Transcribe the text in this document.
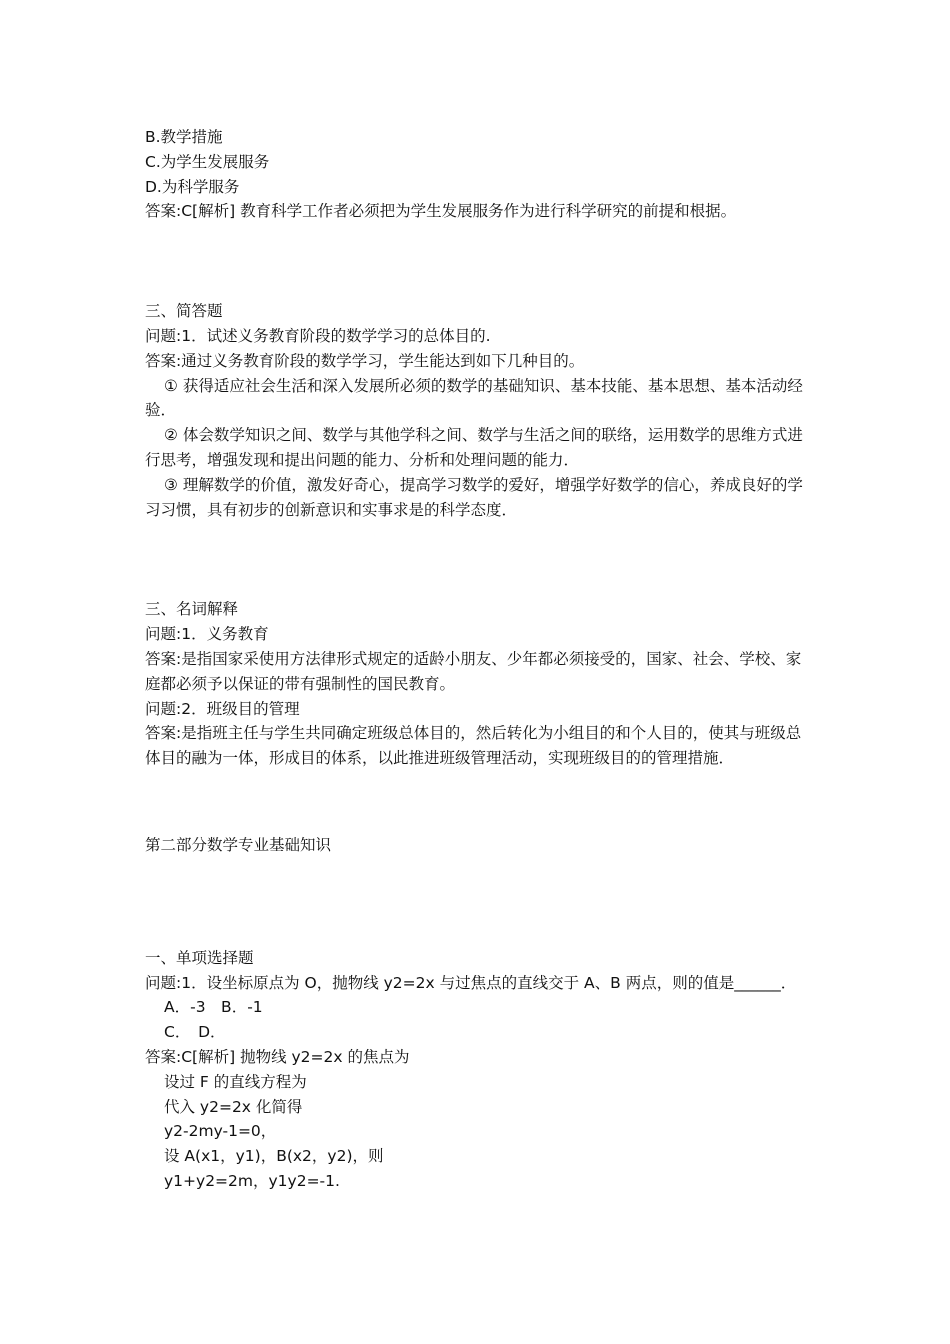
B.教学措施
C.为学生发展服务
D.为科学服务
答案:C[解析] 教育科学工作者必须把为学生发展服务作为进行科学研究的前提和根据。
三、简答题
问题:1．试述义务教育阶段的数学学习的总体目的.
答案:通过义务教育阶段的数学学习，学生能达到如下几种目的。
① 获得适应社会生活和深入发展所必须的数学的基础知识、基本技能、基本思想、基本活动经验．
② 体会数学知识之间、数学与其他学科之间、数学与生活之间的联络，运用数学的思维方式进行思考，增强发现和提出问题的能力、分析和处理问题的能力．
③ 理解数学的价值，激发好奇心，提高学习数学的爱好，增强学好数学的信心，养成良好的学习习惯，具有初步的创新意识和实事求是的科学态度．
三、名词解释
问题:1．义务教育
答案:是指国家采使用方法律形式规定的适龄小朋友、少年都必须接受的，国家、社会、学校、家庭都必须予以保证的带有强制性的国民教育。
问题:2．班级目的管理
答案:是指班主任与学生共同确定班级总体目的，然后转化为小组目的和个人目的，使其与班级总体目的融为一体，形成目的体系，以此推进班级管理活动，实现班级目的的管理措施．
第二部分数学专业基础知识
一、单项选择题
问题:1．设坐标原点为 O，抛物线 y2=2x 与过焦点的直线交于 A、B 两点，则的值是______．
A．-3　B．-1
C．　D．
答案:C[解析] 抛物线 y2=2x 的焦点为
设过 F 的直线方程为
代入 y2=2x 化简得
y2-2my-1=0，
设 A(x1，y1)，B(x2，y2)，则
y1+y2=2m，y1y2=-1.
